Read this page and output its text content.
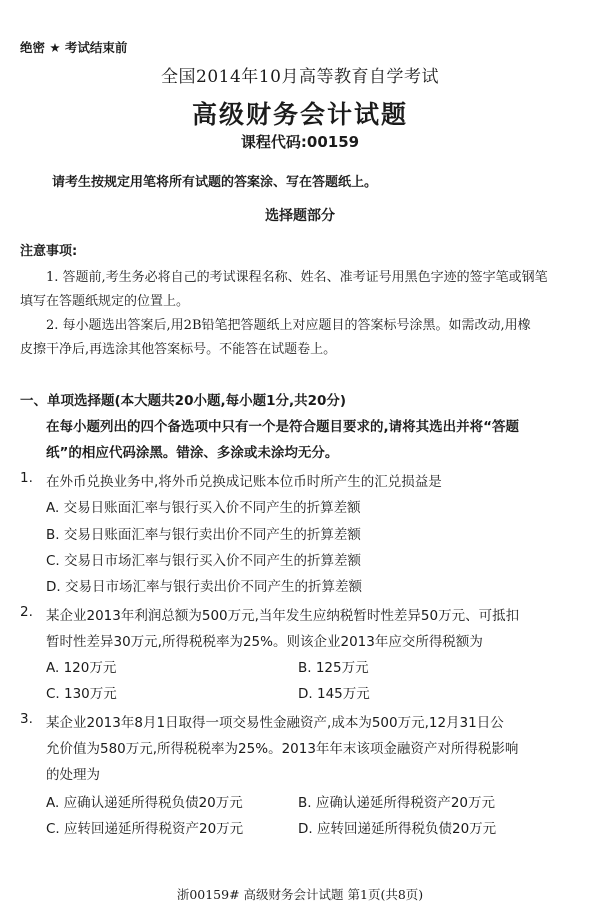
绝密 ★ 考试结束前
全国2014年10月高等教育自学考试
高级财务会计试题
课程代码:00159
请考生按规定用笔将所有试题的答案涂、写在答题纸上。
选择题部分
注意事项:
1. 答题前,考生务必将自己的考试课程名称、姓名、准考证号用黑色字迹的签字笔或钢笔
填写在答题纸规定的位置上。
2. 每小题选出答案后,用2B铅笔把答题纸上对应题目的答案标号涂黑。如需改动,用橡
皮擦干净后,再选涂其他答案标号。不能答在试题卷上。
一、单项选择题(本大题共20小题,每小题1分,共20分)
在每小题列出的四个备选项中只有一个是符合题目要求的,请将其选出并将“答题
纸”的相应代码涂黑。错涂、多涂或未涂均无分。
1. 在外币兑换业务中,将外币兑换成记账本位币时所产生的汇兑损益是
A. 交易日账面汇率与银行买入价不同产生的折算差额
B. 交易日账面汇率与银行卖出价不同产生的折算差额
C. 交易日市场汇率与银行买入价不同产生的折算差额
D. 交易日市场汇率与银行卖出价不同产生的折算差额
2. 某企业2013年利润总额为500万元,当年发生应纳税暂时性差异50万元、可抵扣
暂时性差异30万元,所得税税率为25%。则该企业2013年应交所得税额为
A. 120万元	B. 125万元
C. 130万元	D. 145万元
3. 某企业2013年8月1日取得一项交易性金融资产,成本为500万元,12月31日公
允价值为580万元,所得税税率为25%。2013年年末该项金融资产对所得税影响
的处理为
A. 应确认递延所得税负债20万元	B. 应确认递延所得税资产20万元
C. 应转回递延所得税资产20万元	D. 应转回递延所得税负债20万元
浙00159# 高级财务会计试题 第1页(共8页)
